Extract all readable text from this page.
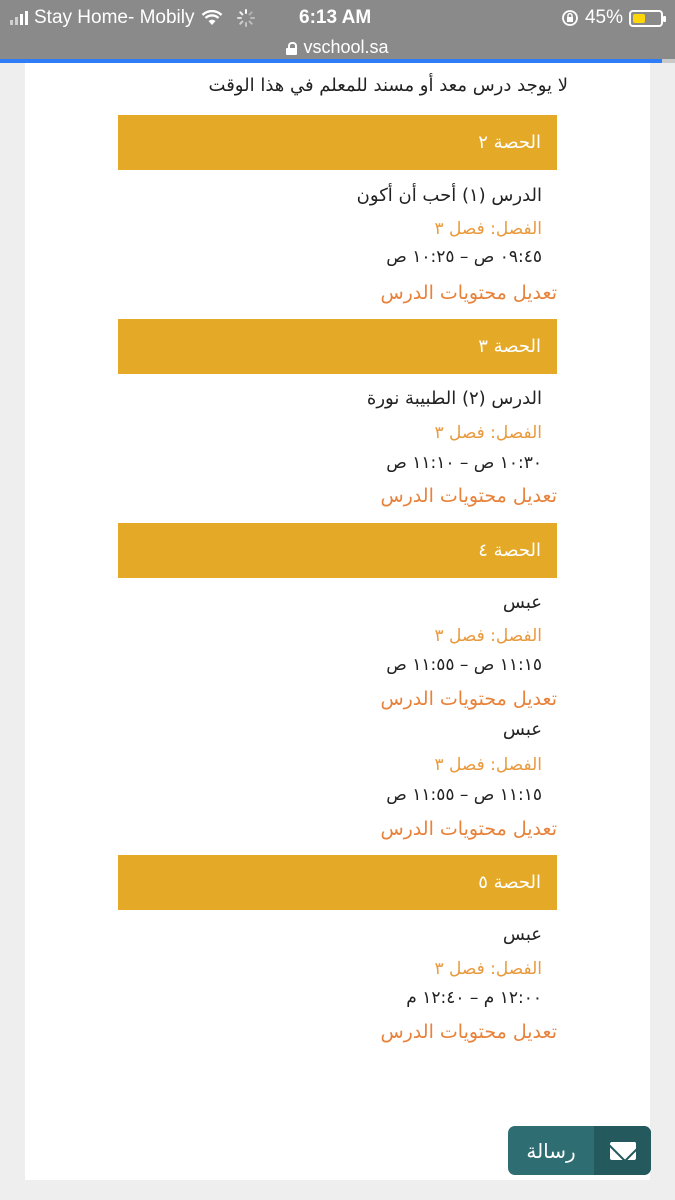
Stay Home- Mobily	6:13 AM	45%
vschool.sa
لا يوجد درس معد أو مسند للمعلم في هذا الوقت
الحصة ٢
الدرس (١) أحب أن أكون
الفصل: فصل ٣
٠٩:٤٥ ص – ١٠:٢٥ ص
تعديل محتويات الدرس
الحصة ٣
الدرس (٢) الطبيبة نورة
الفصل: فصل ٣
١٠:٣٠ ص – ١١:١٠ ص
تعديل محتويات الدرس
الحصة ٤
عبس
الفصل: فصل ٣
١١:١٥ ص – ١١:٥٥ ص
تعديل محتويات الدرس
عبس
الفصل: فصل ٣
١١:١٥ ص – ١١:٥٥ ص
تعديل محتويات الدرس
الحصة ٥
عبس
الفصل: فصل ٣
١٢:٠٠ م – ١٢:٤٠ م
تعديل محتويات الدرس
رسالة
